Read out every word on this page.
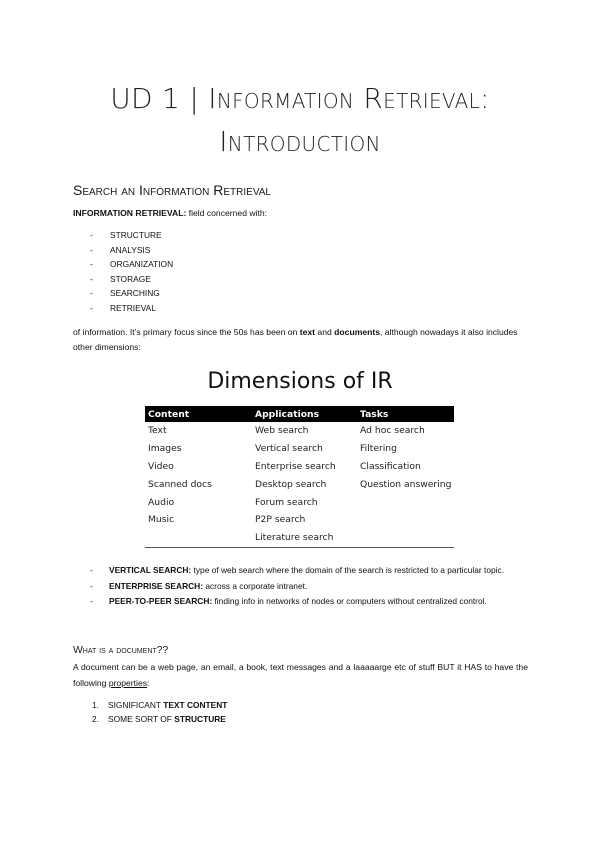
UD 1 | Information Retrieval:
Introduction
Search an Information Retrieval
INFORMATION RETRIEVAL: field concerned with:
- STRUCTURE
- ANALYSIS
- ORGANIZATION
- STORAGE
- SEARCHING
- RETRIEVAL
of information. It’s primary focus since the 50s has been on text and documents, although nowadays it also includes other dimensions:
Dimensions of IR
Content	Applications	Tasks
Text	Web search	Ad hoc search
Images	Vertical search	Filtering
Video	Enterprise search	Classification
Scanned docs	Desktop search	Question answering
Audio	Forum search	
Music	P2P search	
	Literature search	
- VERTICAL SEARCH: type of web search where the domain of the search is restricted to a particular topic.
- ENTERPRISE SEARCH: across a corporate intranet.
- PEER-TO-PEER SEARCH: finding info in networks of nodes or computers without centralized control.
What is a document??
A document can be a web page, an email, a book, text messages and a laaaaarge etc of stuff BUT it HAS to have the following properties:
1. SIGNIFICANT TEXT CONTENT
2. SOME SORT OF STRUCTURE
